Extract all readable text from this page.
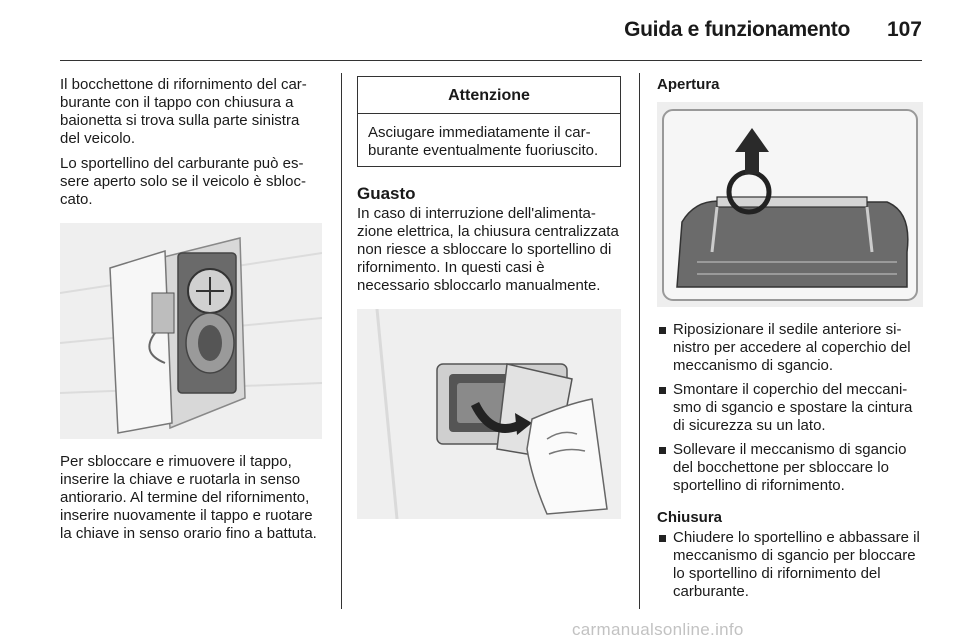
Guida e funzionamento	107

Il bocchettone di rifornimento del carburante con il tappo con chiusura a baionetta si trova sulla parte sinistra del veicolo.

Lo sportellino del carburante può essere aperto solo se il veicolo è sbloccato.

Per sbloccare e rimuovere il tappo, inserire la chiave e ruotarla in senso antiorario. Al termine del rifornimento, inserire nuovamente il tappo e ruotare la chiave in senso orario fino a battuta.

Attenzione
Asciugare immediatamente il carburante eventualmente fuoriuscito.
Guasto

In caso di interruzione dell'alimentazione elettrica, la chiusura centralizzata non riesce a sbloccare lo sportellino di rifornimento. In questi casi è necessario sbloccarlo manualmente.

Apertura
Riposizionare il sedile anteriore sinistro per accedere al coperchio del meccanismo di sgancio.
Smontare il coperchio del meccanismo di sgancio e spostare la cintura di sicurezza su un lato.
Sollevare il meccanismo di sgancio del bocchettone per sbloccare lo sportellino di rifornimento.
Chiusura
Chiudere lo sportellino e abbassare il meccanismo di sgancio per bloccare lo sportellino di rifornimento del carburante.
carmanualsonline.info
